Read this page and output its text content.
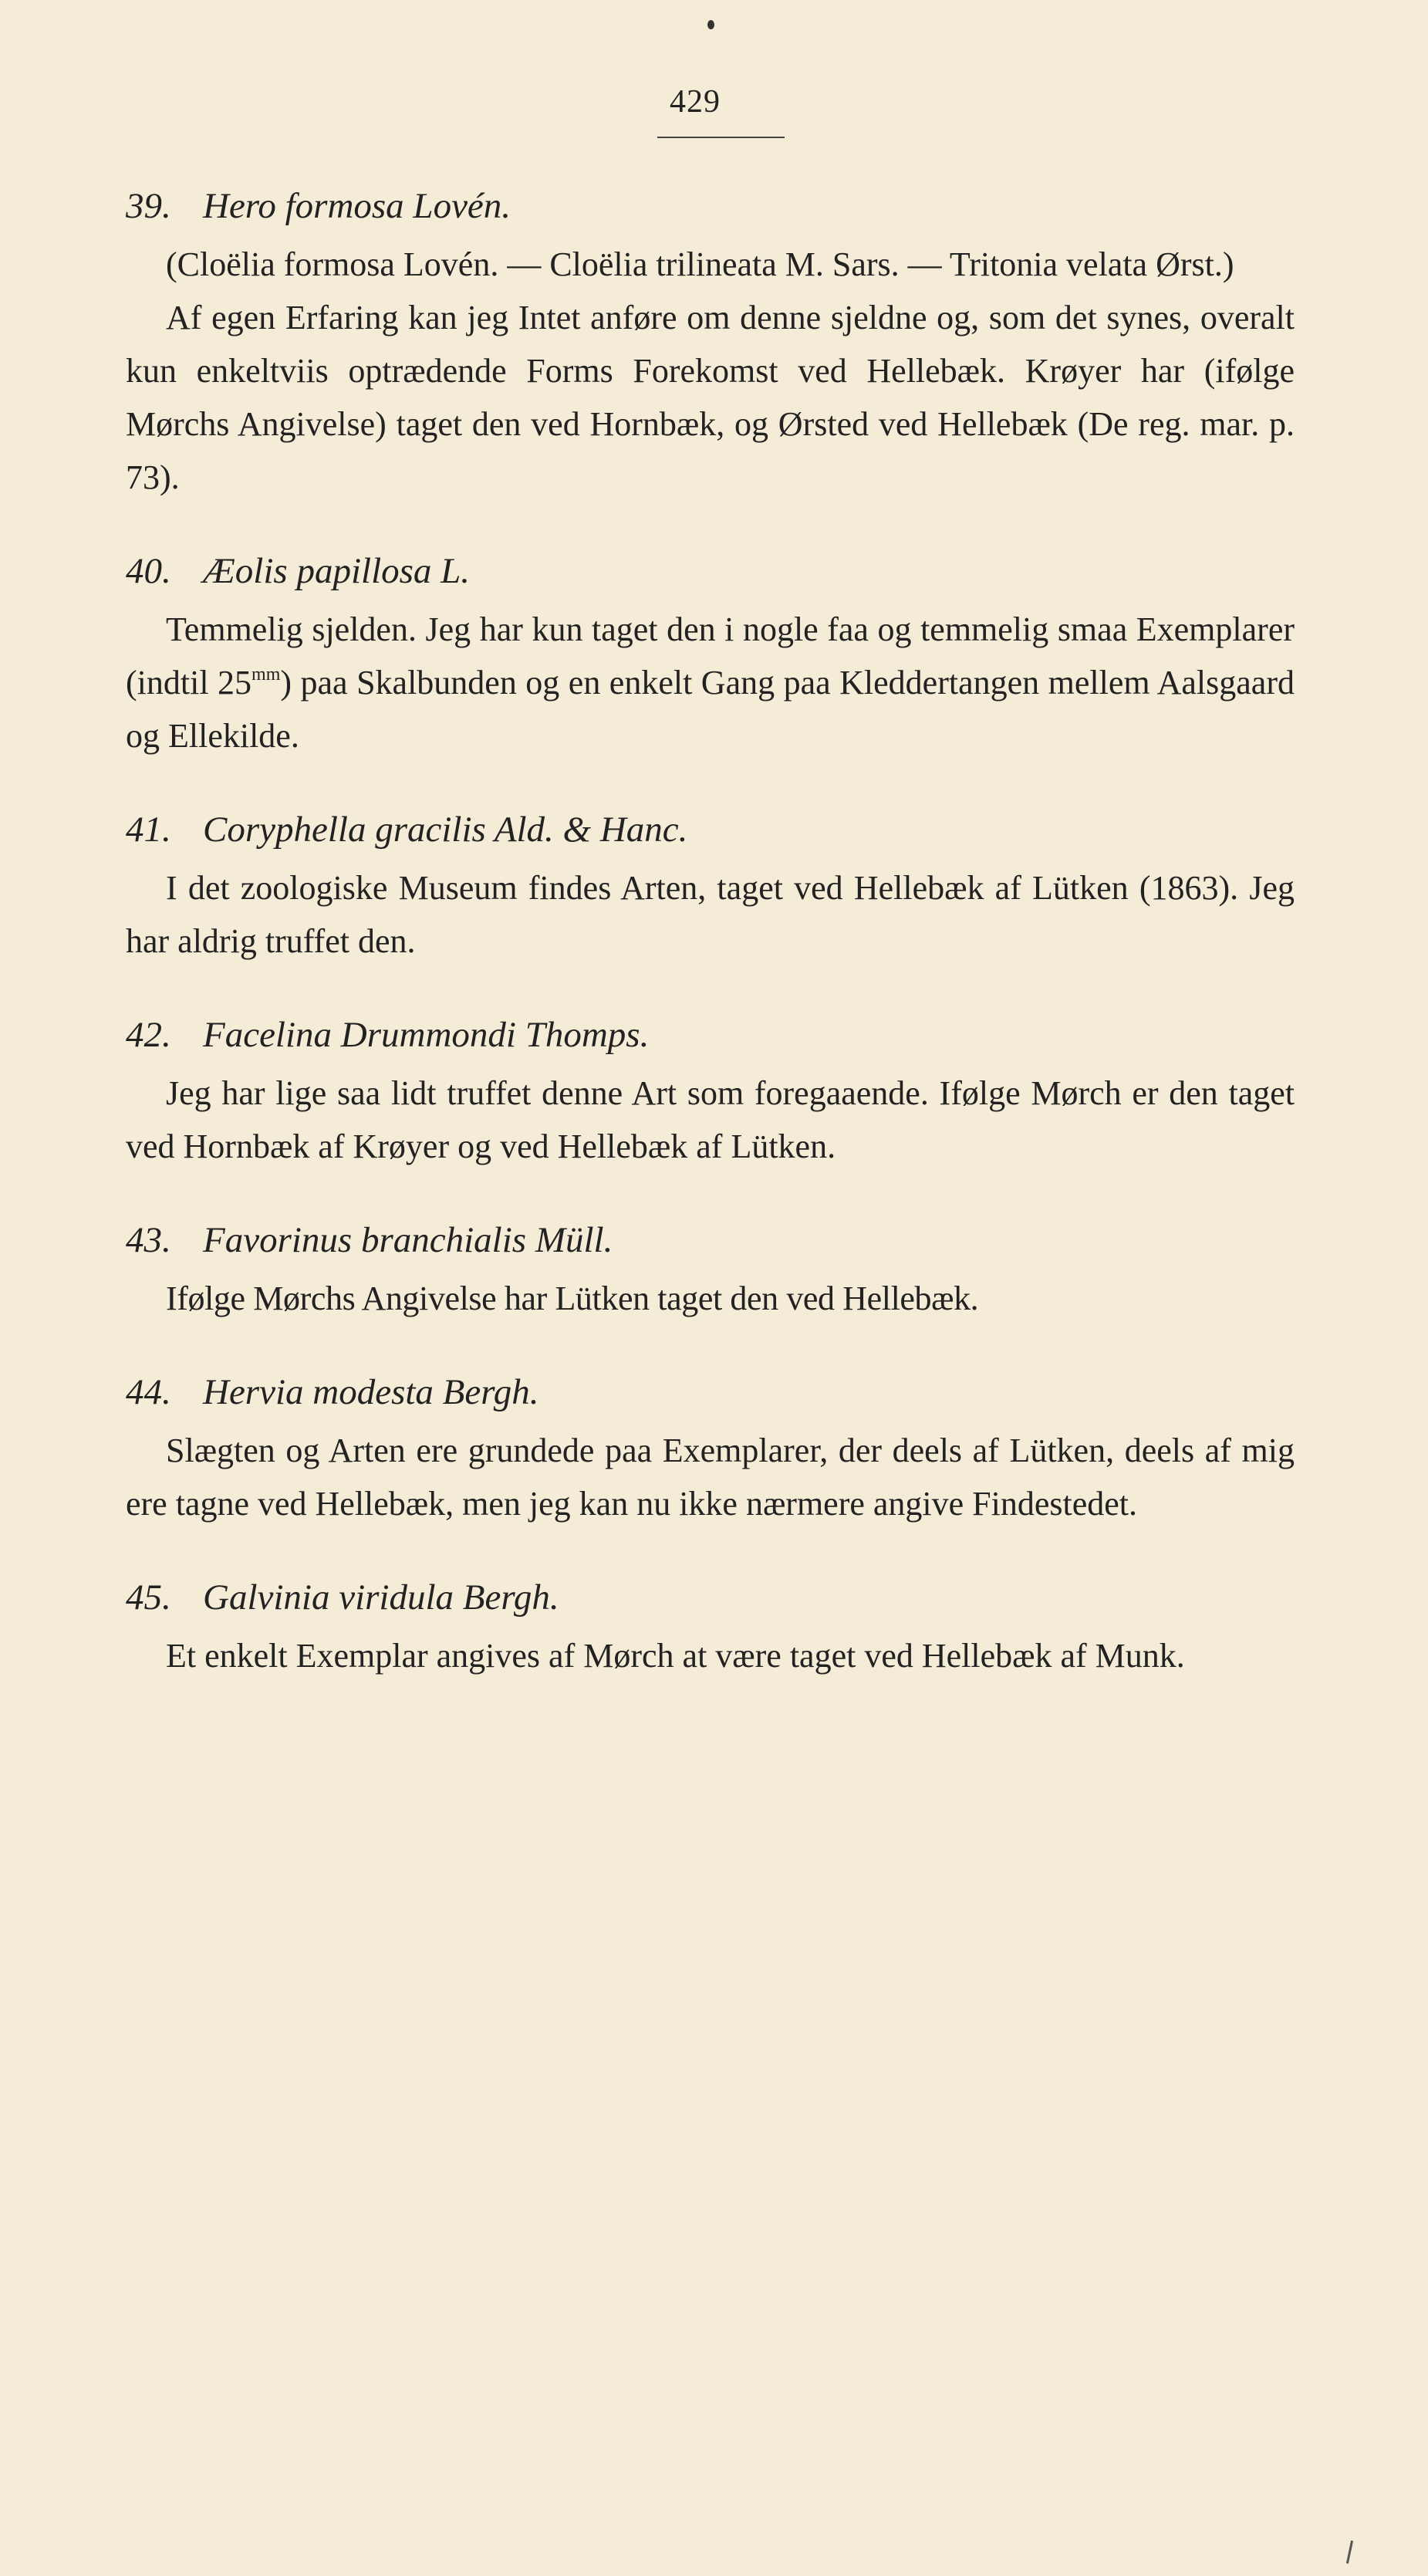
429
39. Hero formosa Lovén.

(Cloëlia formosa Lovén. — Cloëlia trilineata M. Sars. — Tritonia velata Ørst.)

Af egen Erfaring kan jeg Intet anføre om denne sjeldne og, som det synes, overalt kun enkeltviis optrædende Forms Forekomst ved Hellebæk. Krøyer har (ifølge Mørchs Angivelse) taget den ved Hornbæk, og Ørsted ved Hellebæk (De reg. mar. p. 73).

40. Æolis papillosa L.

Temmelig sjelden. Jeg har kun taget den i nogle faa og temmelig smaa Exemplarer (indtil $25^{mm}$) paa Skalbunden og en enkelt Gang paa Kleddertangen mellem Aalsgaard og Ellekilde.

41. Coryphella gracilis Ald. & Hanc.

I det zoologiske Museum findes Arten, taget ved Hellebæk af Lütken (1863). Jeg har aldrig truffet den.

42. Facelina Drummondi Thomps.

Jeg har lige saa lidt truffet denne Art som foregaaende. Ifølge Mørch er den taget ved Hornbæk af Krøyer og ved Hellebæk af Lütken.

43. Favorinus branchialis Müll.

Ifølge Mørchs Angivelse har Lütken taget den ved Hellebæk.

44. Hervia modesta Bergh.

Slægten og Arten ere grundede paa Exemplarer, der deels af Lütken, deels af mig ere tagne ved Hellebæk, men jeg kan nu ikke nærmere angive Findestedet.

45. Galvinia viridula Bergh.

Et enkelt Exemplar angives af Mørch at være taget ved Hellebæk af Munk.
